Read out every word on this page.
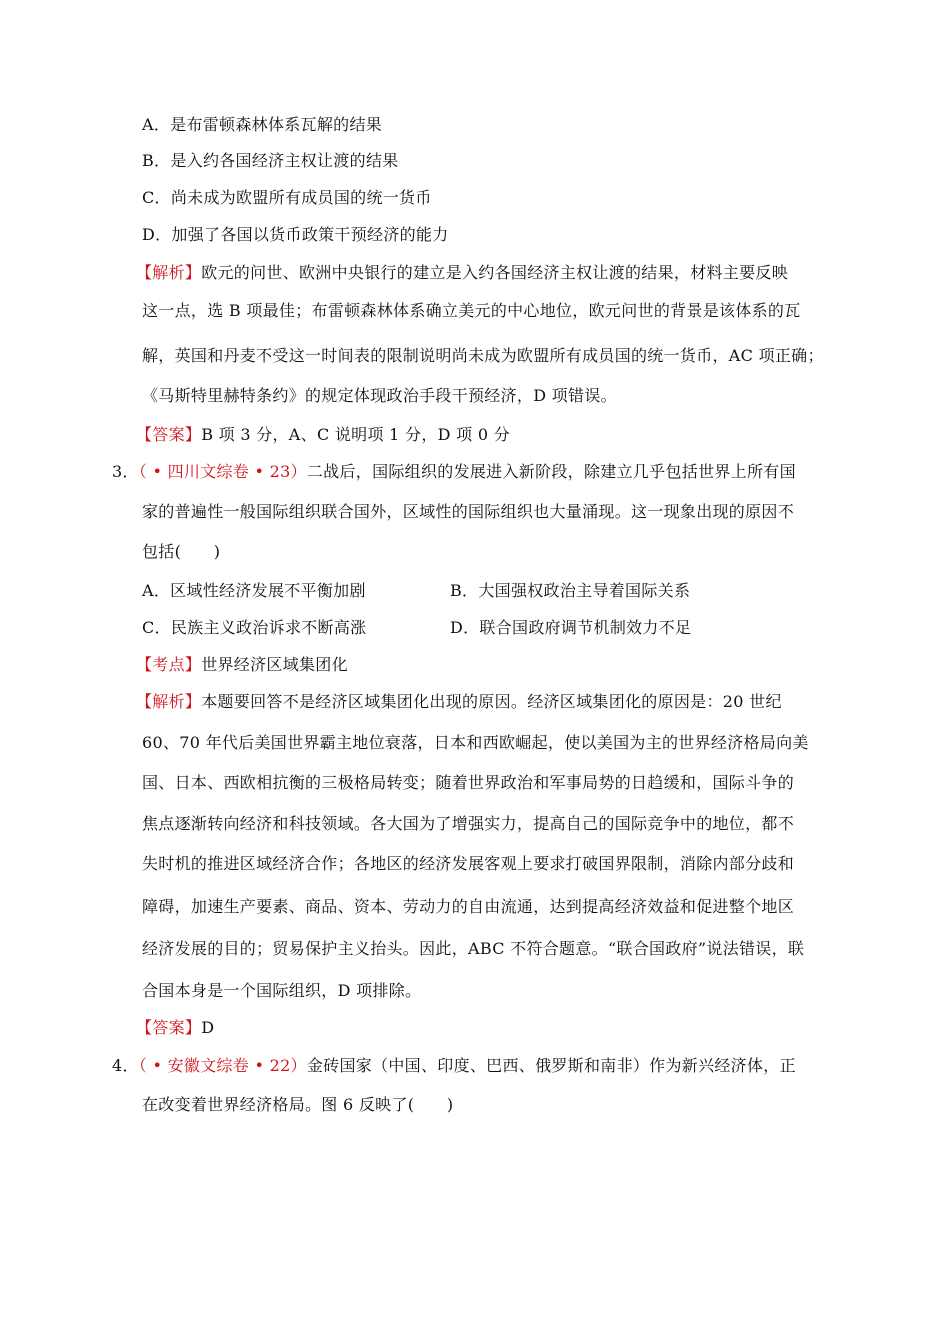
A．是布雷顿森林体系瓦解的结果
B．是入约各国经济主权让渡的结果
C．尚未成为欧盟所有成员国的统一货币
D．加强了各国以货币政策干预经济的能力
【解析】欧元的问世、欧洲中央银行的建立是入约各国经济主权让渡的结果，材料主要反映
这一点，选 B 项最佳；布雷顿森林体系确立美元的中心地位，欧元问世的背景是该体系的瓦
解，英国和丹麦不受这一时间表的限制说明尚未成为欧盟所有成员国的统一货币，AC 项正确；
《马斯特里赫特条约》的规定体现政治手段干预经济，D 项错误。
【答案】B 项 3 分，A、C 说明项 1 分，D 项 0 分
3．（ • 四川文综卷 • 23）二战后，国际组织的发展进入新阶段，除建立几乎包括世界上所有国
家的普遍性一般国际组织联合国外，区域性的国际组织也大量涌现。这一现象出现的原因不
包括(　　)
A．区域性经济发展不平衡加剧	B．大国强权政治主导着国际关系
C．民族主义政治诉求不断高涨	D．联合国政府调节机制效力不足
【考点】世界经济区域集团化
【解析】本题要回答不是经济区域集团化出现的原因。经济区域集团化的原因是：20 世纪
60、70 年代后美国世界霸主地位衰落，日本和西欧崛起，使以美国为主的世界经济格局向美
国、日本、西欧相抗衡的三极格局转变；随着世界政治和军事局势的日趋缓和，国际斗争的
焦点逐渐转向经济和科技领域。各大国为了增强实力，提高自己的国际竞争中的地位，都不
失时机的推进区域经济合作；各地区的经济发展客观上要求打破国界限制，消除内部分歧和
障碍，加速生产要素、商品、资本、劳动力的自由流通，达到提高经济效益和促进整个地区
经济发展的目的；贸易保护主义抬头。因此，ABC 不符合题意。“联合国政府”说法错误，联
合国本身是一个国际组织，D 项排除。
【答案】D
4．（ • 安徽文综卷 • 22）金砖国家（中国、印度、巴西、俄罗斯和南非）作为新兴经济体，正
在改变着世界经济格局。图 6 反映了(　　)
